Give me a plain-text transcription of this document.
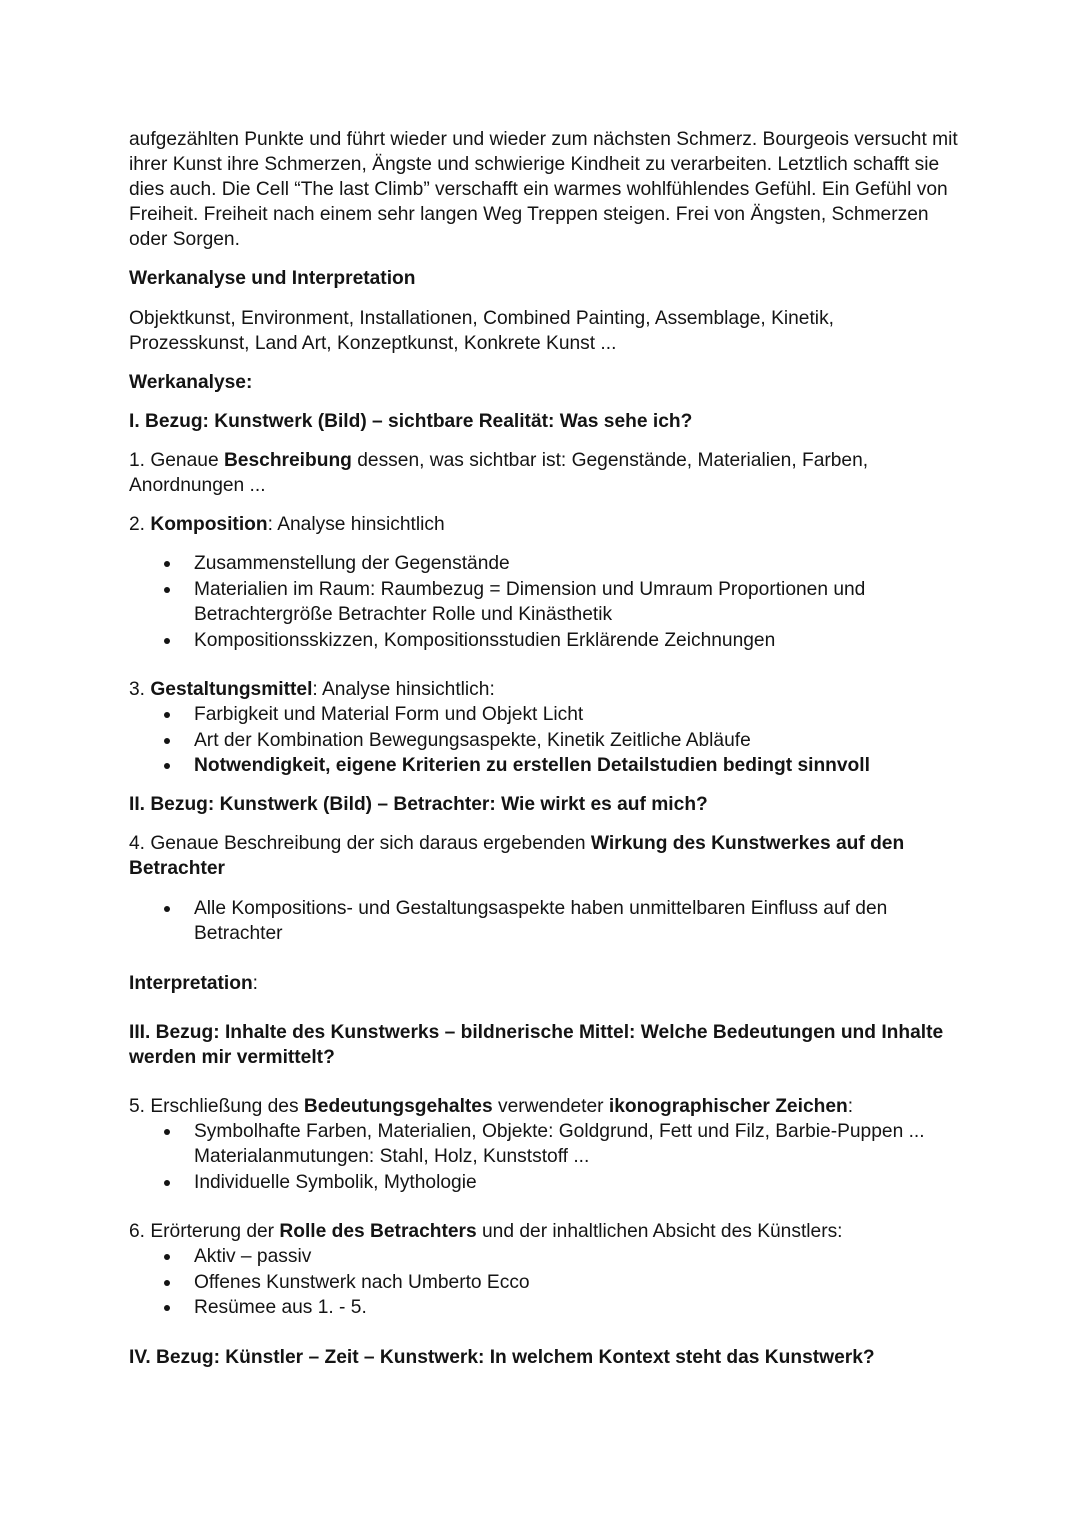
aufgezählten Punkte und führt wieder und wieder zum nächsten Schmerz. Bourgeois versucht mit ihrer Kunst ihre Schmerzen, Ängste und schwierige Kindheit zu verarbeiten. Letztlich schafft sie dies auch. Die Cell “The last Climb” verschafft ein warmes wohlfühlendes Gefühl. Ein Gefühl von Freiheit. Freiheit nach einem sehr langen Weg Treppen steigen. Frei von Ängsten, Schmerzen oder Sorgen.

Werkanalyse und Interpretation

Objektkunst, Environment, Installationen, Combined Painting, Assemblage, Kinetik, Prozesskunst, Land Art, Konzeptkunst, Konkrete Kunst ...

Werkanalyse:

I. Bezug: Kunstwerk (Bild) – sichtbare Realität: Was sehe ich?

1. Genaue Beschreibung dessen, was sichtbar ist: Gegenstände, Materialien, Farben, Anordnungen ...

2. Komposition: Analyse hinsichtlich

Zusammenstellung der Gegenstände
Materialien im Raum: Raumbezug = Dimension und Umraum Proportionen und Betrachtergröße Betrachter Rolle und Kinästhetik
Kompositionsskizzen, Kompositionsstudien Erklärende Zeichnungen

3. Gestaltungsmittel: Analyse hinsichtlich:

Farbigkeit und Material Form und Objekt Licht
Art der Kombination Bewegungsaspekte, Kinetik Zeitliche Abläufe
Notwendigkeit, eigene Kriterien zu erstellen Detailstudien bedingt sinnvoll

II. Bezug: Kunstwerk (Bild) – Betrachter: Wie wirkt es auf mich?

4. Genaue Beschreibung der sich daraus ergebenden Wirkung des Kunstwerkes auf den Betrachter

Alle Kompositions- und Gestaltungsaspekte haben unmittelbaren Einfluss auf den Betrachter

Interpretation:

III. Bezug: Inhalte des Kunstwerks – bildnerische Mittel: Welche Bedeutungen und Inhalte werden mir vermittelt?

5. Erschließung des Bedeutungsgehaltes verwendeter ikonographischer Zeichen:

Symbolhafte Farben, Materialien, Objekte: Goldgrund, Fett und Filz, Barbie-Puppen ... Materialanmutungen: Stahl, Holz, Kunststoff ...
Individuelle Symbolik, Mythologie

6. Erörterung der Rolle des Betrachters und der inhaltlichen Absicht des Künstlers:

Aktiv – passiv
Offenes Kunstwerk nach Umberto Ecco
Resümee aus 1. - 5.

IV. Bezug: Künstler – Zeit – Kunstwerk: In welchem Kontext steht das Kunstwerk?
